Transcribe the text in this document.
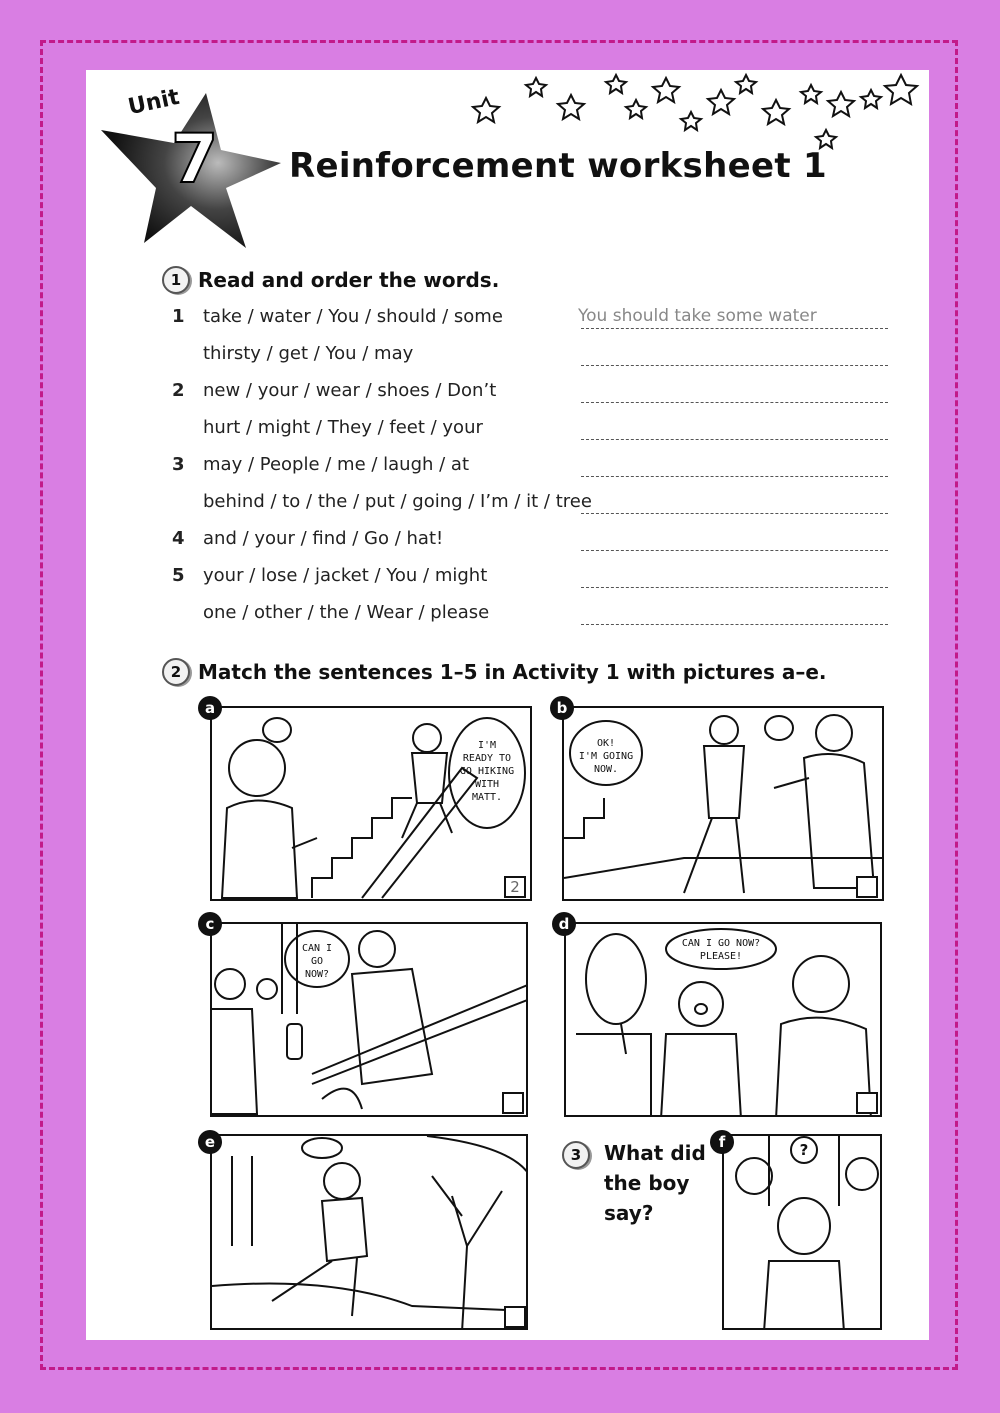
Unit
7 Reinforcement worksheet 1
1 Read and order the words.
1 take / water / You / should / some	You should take some water
thirsty / get / You / may
2 new / your / wear / shoes / Don’t
hurt / might / They / feet / your
3 may / People / me / laugh / at
behind / to / the / put / going / I’m / it / tree
4 and / your / find / Go / hat!
5 your / lose / jacket / You / might
one / other / the / Wear / please
2 Match the sentences 1–5 in Activity 1 with pictures a–e.
I'M
READY TO
GO HIKING
WITH
MATT.
a
2
OK!
I'M GOING
NOW.
b
CAN I
GO
NOW?
c
CAN I GO NOW?
PLEASE!
d
e
3	What did the boy say?
?
f
